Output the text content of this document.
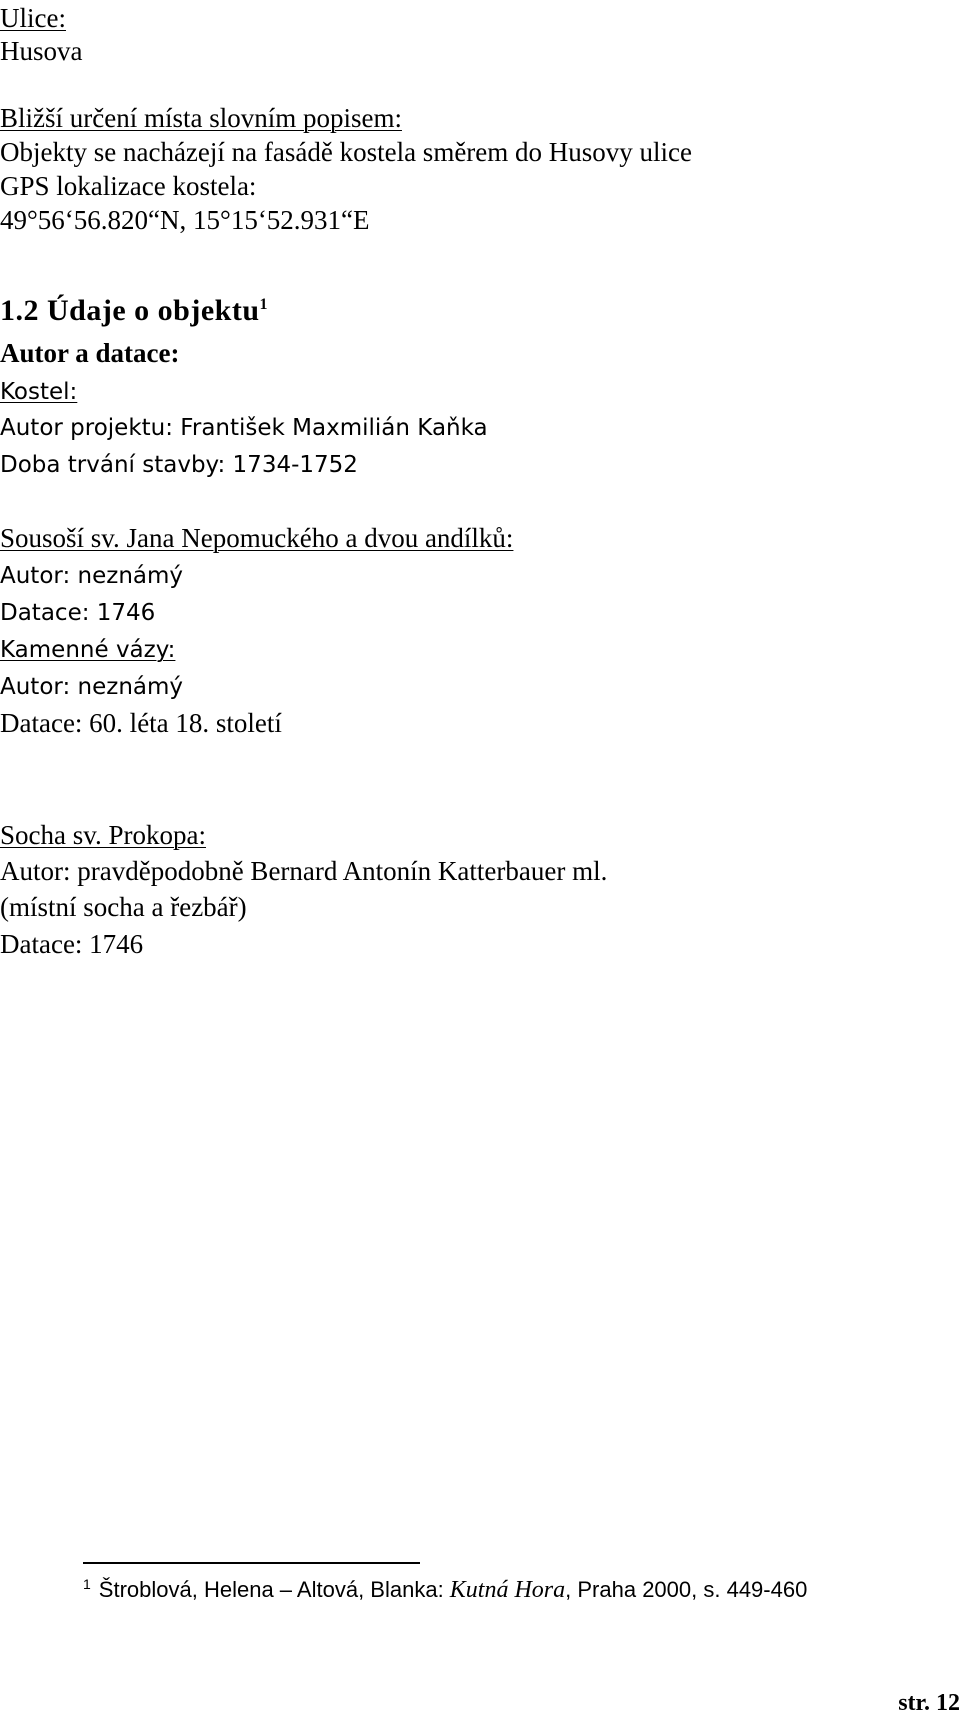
Ulice:
Husova
Bližší určení místa slovním popisem:
Objekty se nacházejí na fasádě kostela směrem do Husovy ulice
GPS lokalizace kostela:
49°56‘56.820“N, 15°15‘52.931“E
1.2 Údaje o objektu$^1$
Autor a datace:
Kostel:
Autor projektu: František Maxmilián Kaňka
Doba trvání stavby: 1734-1752
Sousoší sv. Jana Nepomuckého a dvou andílků:
Autor: neznámý
Datace: 1746
Kamenné vázy:
Autor: neznámý
Datace: 60. léta 18. století
Socha sv. Prokopa:
Autor: pravděpodobně Bernard Antonín Katterbauer ml.
(místní socha a řezbář)
Datace: 1746
$^1$ Štroblová, Helena – Altová, Blanka: Kutná Hora, Praha 2000, s. 449-460
str. 12
